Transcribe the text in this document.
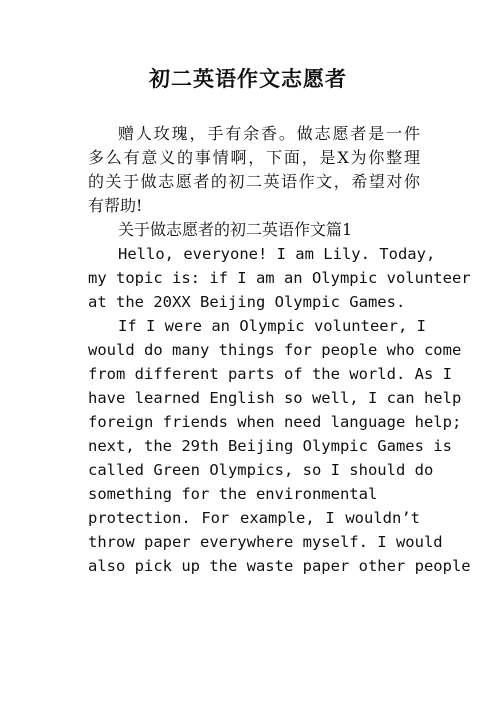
初二英语作文志愿者
赠人玫瑰，手有余香。做志愿者是一件
多么有意义的事情啊，下面，是X为你整理
的关于做志愿者的初二英语作文，希望对你
有帮助!
关于做志愿者的初二英语作文篇1
Hello, everyone! I am Lily. Today,
my topic is: if I am an Olympic volunteer
at the 20XX Beijing Olympic Games.
If I were an Olympic volunteer, I
would do many things for people who come
from different parts of the world. As I
have learned English so well, I can help
foreign friends when need language help;
next, the 29th Beijing Olympic Games is
called Green Olympics, so I should do
something for the environmental
protection. For example, I wouldn’t
throw paper everywhere myself. I would
also pick up the waste paper other people
